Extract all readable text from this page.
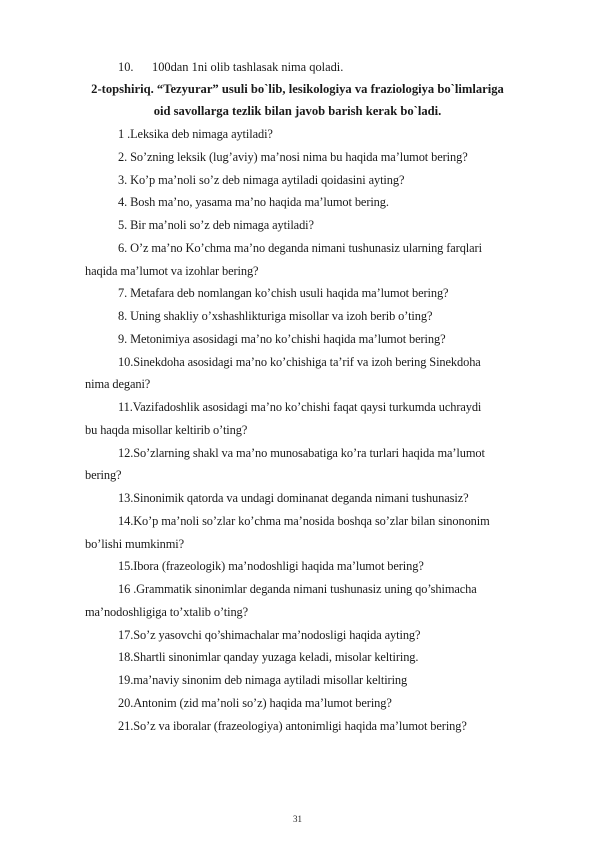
10. 100dan 1ni olib tashlasak nima qoladi.
2-topshiriq. “Tezyurar” usuli bo`lib, lesikologiya va fraziologiya bo`limlariga
oid savollarga tezlik bilan javob barish kerak bo`ladi.
1 .Leksika deb nimaga aytiladi?
2. So’zning leksik (lug’aviy) ma’nosi nima bu haqida ma’lumot bering?
3. Ko’p ma’noli so’z deb nimaga aytiladi qoidasini ayting?
4. Bosh ma’no, yasama ma’no haqida ma’lumot bering.
5. Bir ma’noli so’z deb nimaga aytiladi?
6. O’z ma’no Ko’chma ma’no deganda nimani tushunasiz ularning farqlari
haqida ma’lumot va izohlar bering?
7. Metafara deb nomlangan ko’chish usuli haqida ma’lumot bering?
8. Uning shakliy o’xshashlikturiga misollar va izoh berib o’ting?
9. Metonimiya asosidagi ma’no ko’chishi haqida ma’lumot bering?
10.Sinekdoha asosidagi ma’no ko’chishiga ta’rif va izoh bering Sinekdoha
nima degani?
11.Vazifadoshlik asosidagi ma’no ko’chishi faqat qaysi turkumda uchraydi
bu haqda misollar keltirib o’ting?
12.So’zlarning shakl va ma’no munosabatiga ko’ra turlari haqida ma’lumot
bering?
13.Sinonimik qatorda va undagi dominanat deganda nimani tushunasiz?
14.Ko’p ma’noli so’zlar ko’chma ma’nosida boshqa so’zlar bilan sinononim
bo’lishi mumkinmi?
15.Ibora (frazeologik) ma’nodoshligi haqida ma’lumot bering?
16 .Grammatik sinonimlar deganda nimani tushunasiz uning qo’shimacha
ma’nodoshligiga to’xtalib o’ting?
17.So’z yasovchi qo’shimachalar ma’nodosligi haqida ayting?
18.Shartli sinonimlar qanday yuzaga keladi, misolar keltiring.
19.ma’naviy sinonim deb nimaga aytiladi misollar keltiring
20.Antonim (zid ma’noli so’z) haqida ma’lumot bering?
21.So’z va iboralar (frazeologiya) antonimligi haqida ma’lumot bering?
31
